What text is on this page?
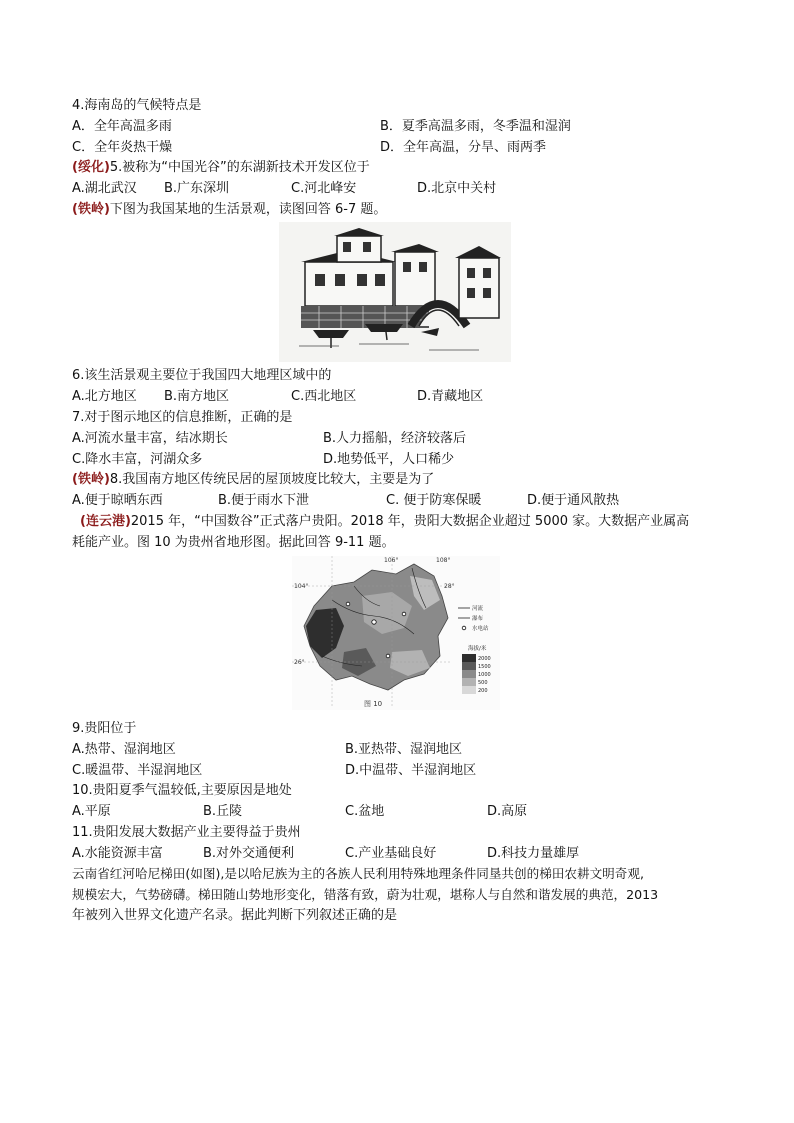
4.海南岛的气候特点是
A．全年高温多雨	B．夏季高温多雨，冬季温和湿润
C．全年炎热干燥	D．全年高温，分旱、雨两季
(绥化)5.被称为“中国光谷”的东湖新技术开发区位于
A.湖北武汉 B.广东深圳	C.河北峰安	D.北京中关村
(铁岭)下图为我国某地的生活景观，读图回答 6-7 题。
6.该生活景观主要位于我国四大地理区域中的
A.北方地区 B.南方地区	C.西北地区	D.青藏地区
7.对于图示地区的信息推断，正确的是
A.河流水量丰富，结冰期长	B.人力摇船，经济较落后
C.降水丰富，河湖众多	D.地势低平，人口稀少
(铁岭)8.我国南方地区传统民居的屋顶坡度比较大，主要是为了
A.便于晾晒东西	B.便于雨水下泄	C. 便于防寒保暖	D.便于通风散热
(连云港)2015 年，“中国数谷”正式落户贵阳。2018 年，贵阳大数据企业超过 5000 家。大数据产业属高
耗能产业。图 10 为贵州省地形图。据此回答 9-11 题。
104°
106°	108°
28°
26°
河流
瀑布
水电站
海拔/米
2000
1500
1000
500
200
图 10
9.贵阳位于
A.热带、湿润地区	B.亚热带、湿润地区
C.暖温带、半湿润地区	D.中温带、半湿润地区
10.贵阳夏季气温较低,主要原因是地处
A.平原	B.丘陵	C.盆地	D.高原
11.贵阳发展大数据产业主要得益于贵州
A.水能资源丰富	B.对外交通便利	C.产业基础良好	D.科技力量雄厚
云南省红河哈尼梯田(如图),是以哈尼族为主的各族人民利用特殊地理条件同垦共创的梯田农耕文明奇观,
规模宏大，气势磅礴。梯田随山势地形变化，错落有致，蔚为壮观，堪称人与自然和谐发展的典范，2013
年被列入世界文化遗产名录。据此判断下列叙述正确的是
